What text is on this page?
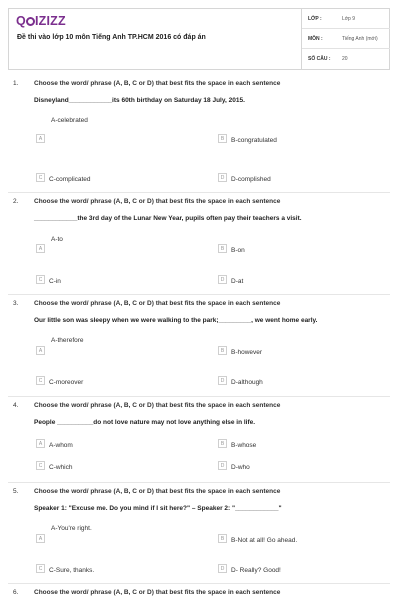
Q IZIZZ
Đề thi vào lớp 10 môn Tiếng Anh TP.HCM 2016 có đáp án
LỚP :	Lớp 9
MÔN :	Tiếng Anh (mới)
SỐ CÂU : 20
1. Choose the word/ phrase (A, B, C or D) that best fits the space in each sentence
Disneyland____________its 60th birthday on Saturday 18 July, 2015.
A-celebrated
A	B	B-congratulated
C	C-complicated	D	D-complished
2. Choose the word/ phrase (A, B, C or D) that best fits the space in each sentence
____________the 3rd day of the Lunar New Year, pupils often pay their teachers a visit.
A-to
A	B	B-on
C	C-in	D	D-at
3. Choose the word/ phrase (A, B, C or D) that best fits the space in each sentence
Our little son was sleepy when we were walking to the park;_________, we went home early.
A-therefore
A	B	B-however
C	C-moreover	D	D-although
4. Choose the word/ phrase (A, B, C or D) that best fits the space in each sentence
People __________do not love nature may not love anything else in life.
A	A-whom	B	B-whose
C	C-which	D	D-who
5. Choose the word/ phrase (A, B, C or D) that best fits the space in each sentence
Speaker 1: "Excuse me. Do you mind if I sit here?" – Speaker 2: "____________"
A-You're right.
A	B	B-Not at all! Go ahead.
C	C-Sure, thanks.	D	D- Really? Good!
6. Choose the word/ phrase (A, B, C or D) that best fits the space in each sentence
